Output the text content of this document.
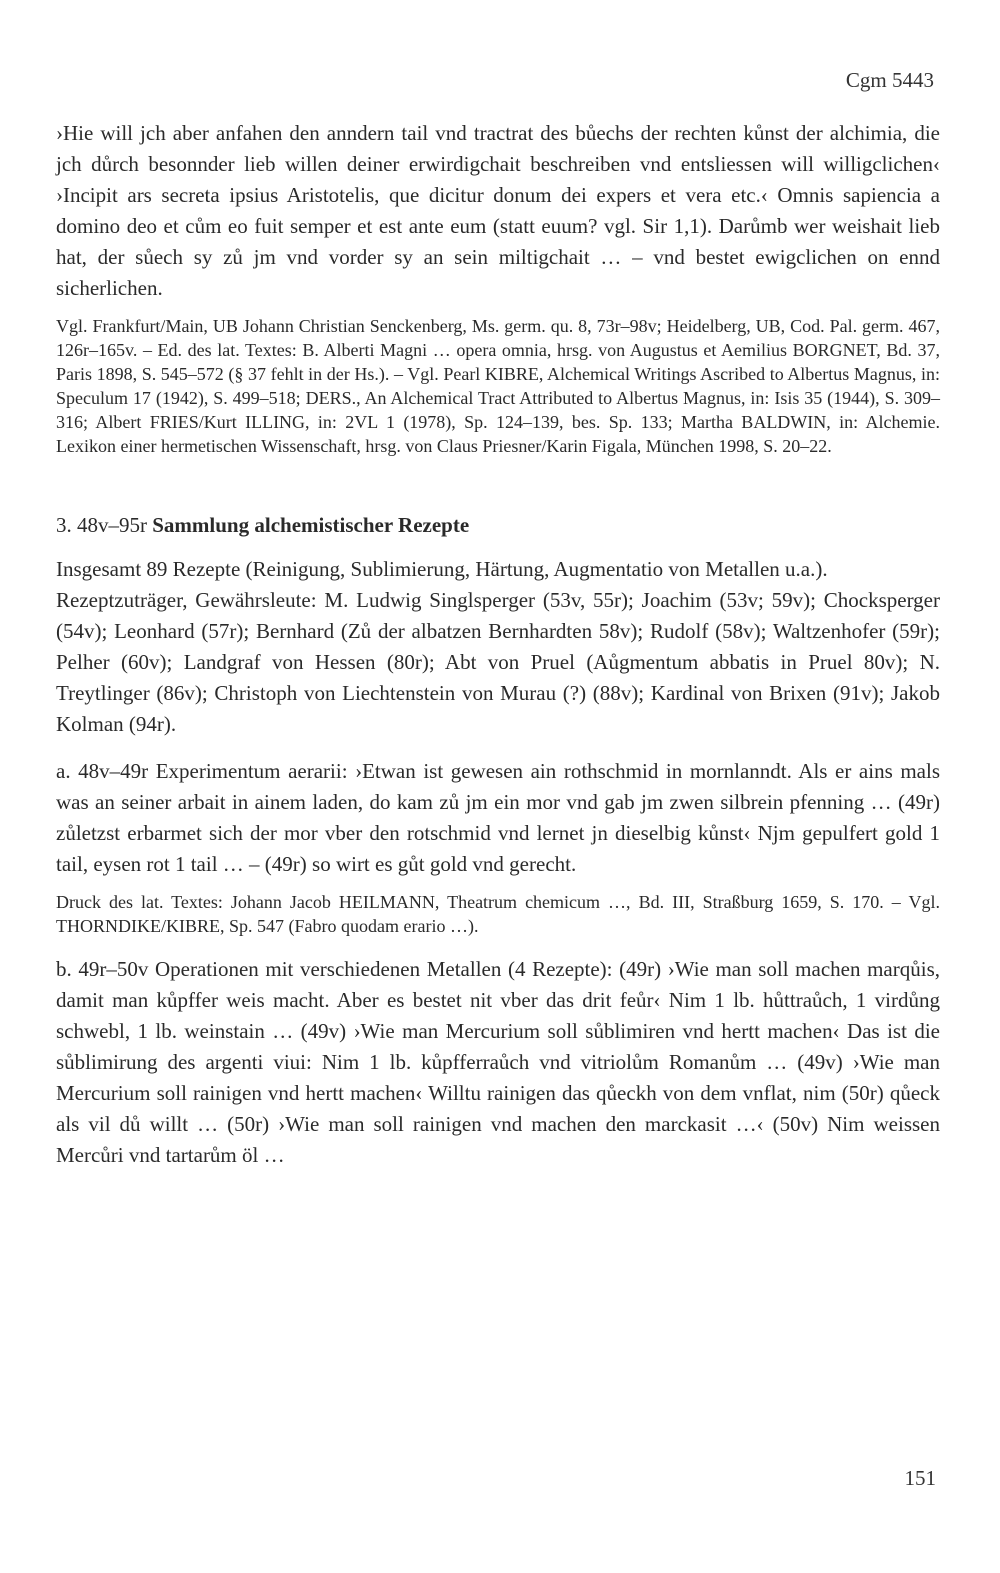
Cgm 5443

›Hie will jch aber anfahen den anndern tail vnd tractrat des bůechs der rechten kůnst der alchimia, die jch důrch besonnder lieb willen deiner erwirdigchait beschreiben vnd entsliessen will willigclichen‹ ›Incipit ars secreta ipsius Aristotelis, que dicitur donum dei expers et vera etc.‹ Omnis sapiencia a domino deo et cům eo fuit semper et est ante eum (statt euum? vgl. Sir 1,1). Darůmb wer weishait lieb hat, der sůech sy zů jm vnd vorder sy an sein miltigchait … – vnd bestet ewigclichen on ennd sicherlichen.

Vgl. Frankfurt/Main, UB Johann Christian Senckenberg, Ms. germ. qu. 8, 73r–98v; Heidelberg, UB, Cod. Pal. germ. 467, 126r–165v. – Ed. des lat. Textes: B. Alberti Magni … opera omnia, hrsg. von Augustus et Aemilius BORGNET, Bd. 37, Paris 1898, S. 545–572 (§ 37 fehlt in der Hs.). – Vgl. Pearl KIBRE, Alchemical Writings Ascribed to Albertus Magnus, in: Speculum 17 (1942), S. 499–518; DERS., An Alchemical Tract Attributed to Albertus Magnus, in: Isis 35 (1944), S. 309–316; Albert FRIES/Kurt ILLING, in: 2VL 1 (1978), Sp. 124–139, bes. Sp. 133; Martha BALDWIN, in: Alchemie. Lexikon einer hermetischen Wissenschaft, hrsg. von Claus Priesner/Karin Figala, München 1998, S. 20–22.

3. 48v–95r Sammlung alchemistischer Rezepte

Insgesamt 89 Rezepte (Reinigung, Sublimierung, Härtung, Augmentatio von Metallen u.a.).

Rezeptzuträger, Gewährsleute: M. Ludwig Singlsperger (53v, 55r); Joachim (53v; 59v); Chocksperger (54v); Leonhard (57r); Bernhard (Zů der albatzen Bernhardten 58v); Rudolf (58v); Waltzenhofer (59r); Pelher (60v); Landgraf von Hessen (80r); Abt von Pruel (Aůgmentum abbatis in Pruel 80v); N. Treytlinger (86v); Christoph von Liechtenstein von Murau (?) (88v); Kardinal von Brixen (91v); Jakob Kolman (94r).

a. 48v–49r Experimentum aerarii: ›Etwan ist gewesen ain rothschmid in mornlanndt. Als er ains mals was an seiner arbait in ainem laden, do kam zů jm ein mor vnd gab jm zwen silbrein pfenning … (49r) zůletzst erbarmet sich der mor vber den rotschmid vnd lernet jn dieselbig kůnst‹ Njm gepulfert gold 1 tail, eysen rot 1 tail … – (49r) so wirt es gůt gold vnd gerecht.

Druck des lat. Textes: Johann Jacob HEILMANN, Theatrum chemicum …, Bd. III, Straßburg 1659, S. 170. – Vgl. THORNDIKE/KIBRE, Sp. 547 (Fabro quodam erario …).

b. 49r–50v Operationen mit verschiedenen Metallen (4 Rezepte): (49r) ›Wie man soll machen marqůis, damit man kůpffer weis macht. Aber es bestet nit vber das drit feůr‹ Nim 1 lb. hůttraůch, 1 virdůng schwebl, 1 lb. weinstain … (49v) ›Wie man Mercurium soll sůblimiren vnd hertt machen‹ Das ist die sůblimirung des argenti viui: Nim 1 lb. kůpfferraůch vnd vitriolům Romanům … (49v) ›Wie man Mercurium soll rainigen vnd hertt machen‹ Willtu rainigen das qůeckh von dem vnflat, nim (50r) qůeck als vil dů willt … (50r) ›Wie man soll rainigen vnd machen den marckasit …‹ (50v) Nim weissen Mercůri vnd tartarům öl …

151
